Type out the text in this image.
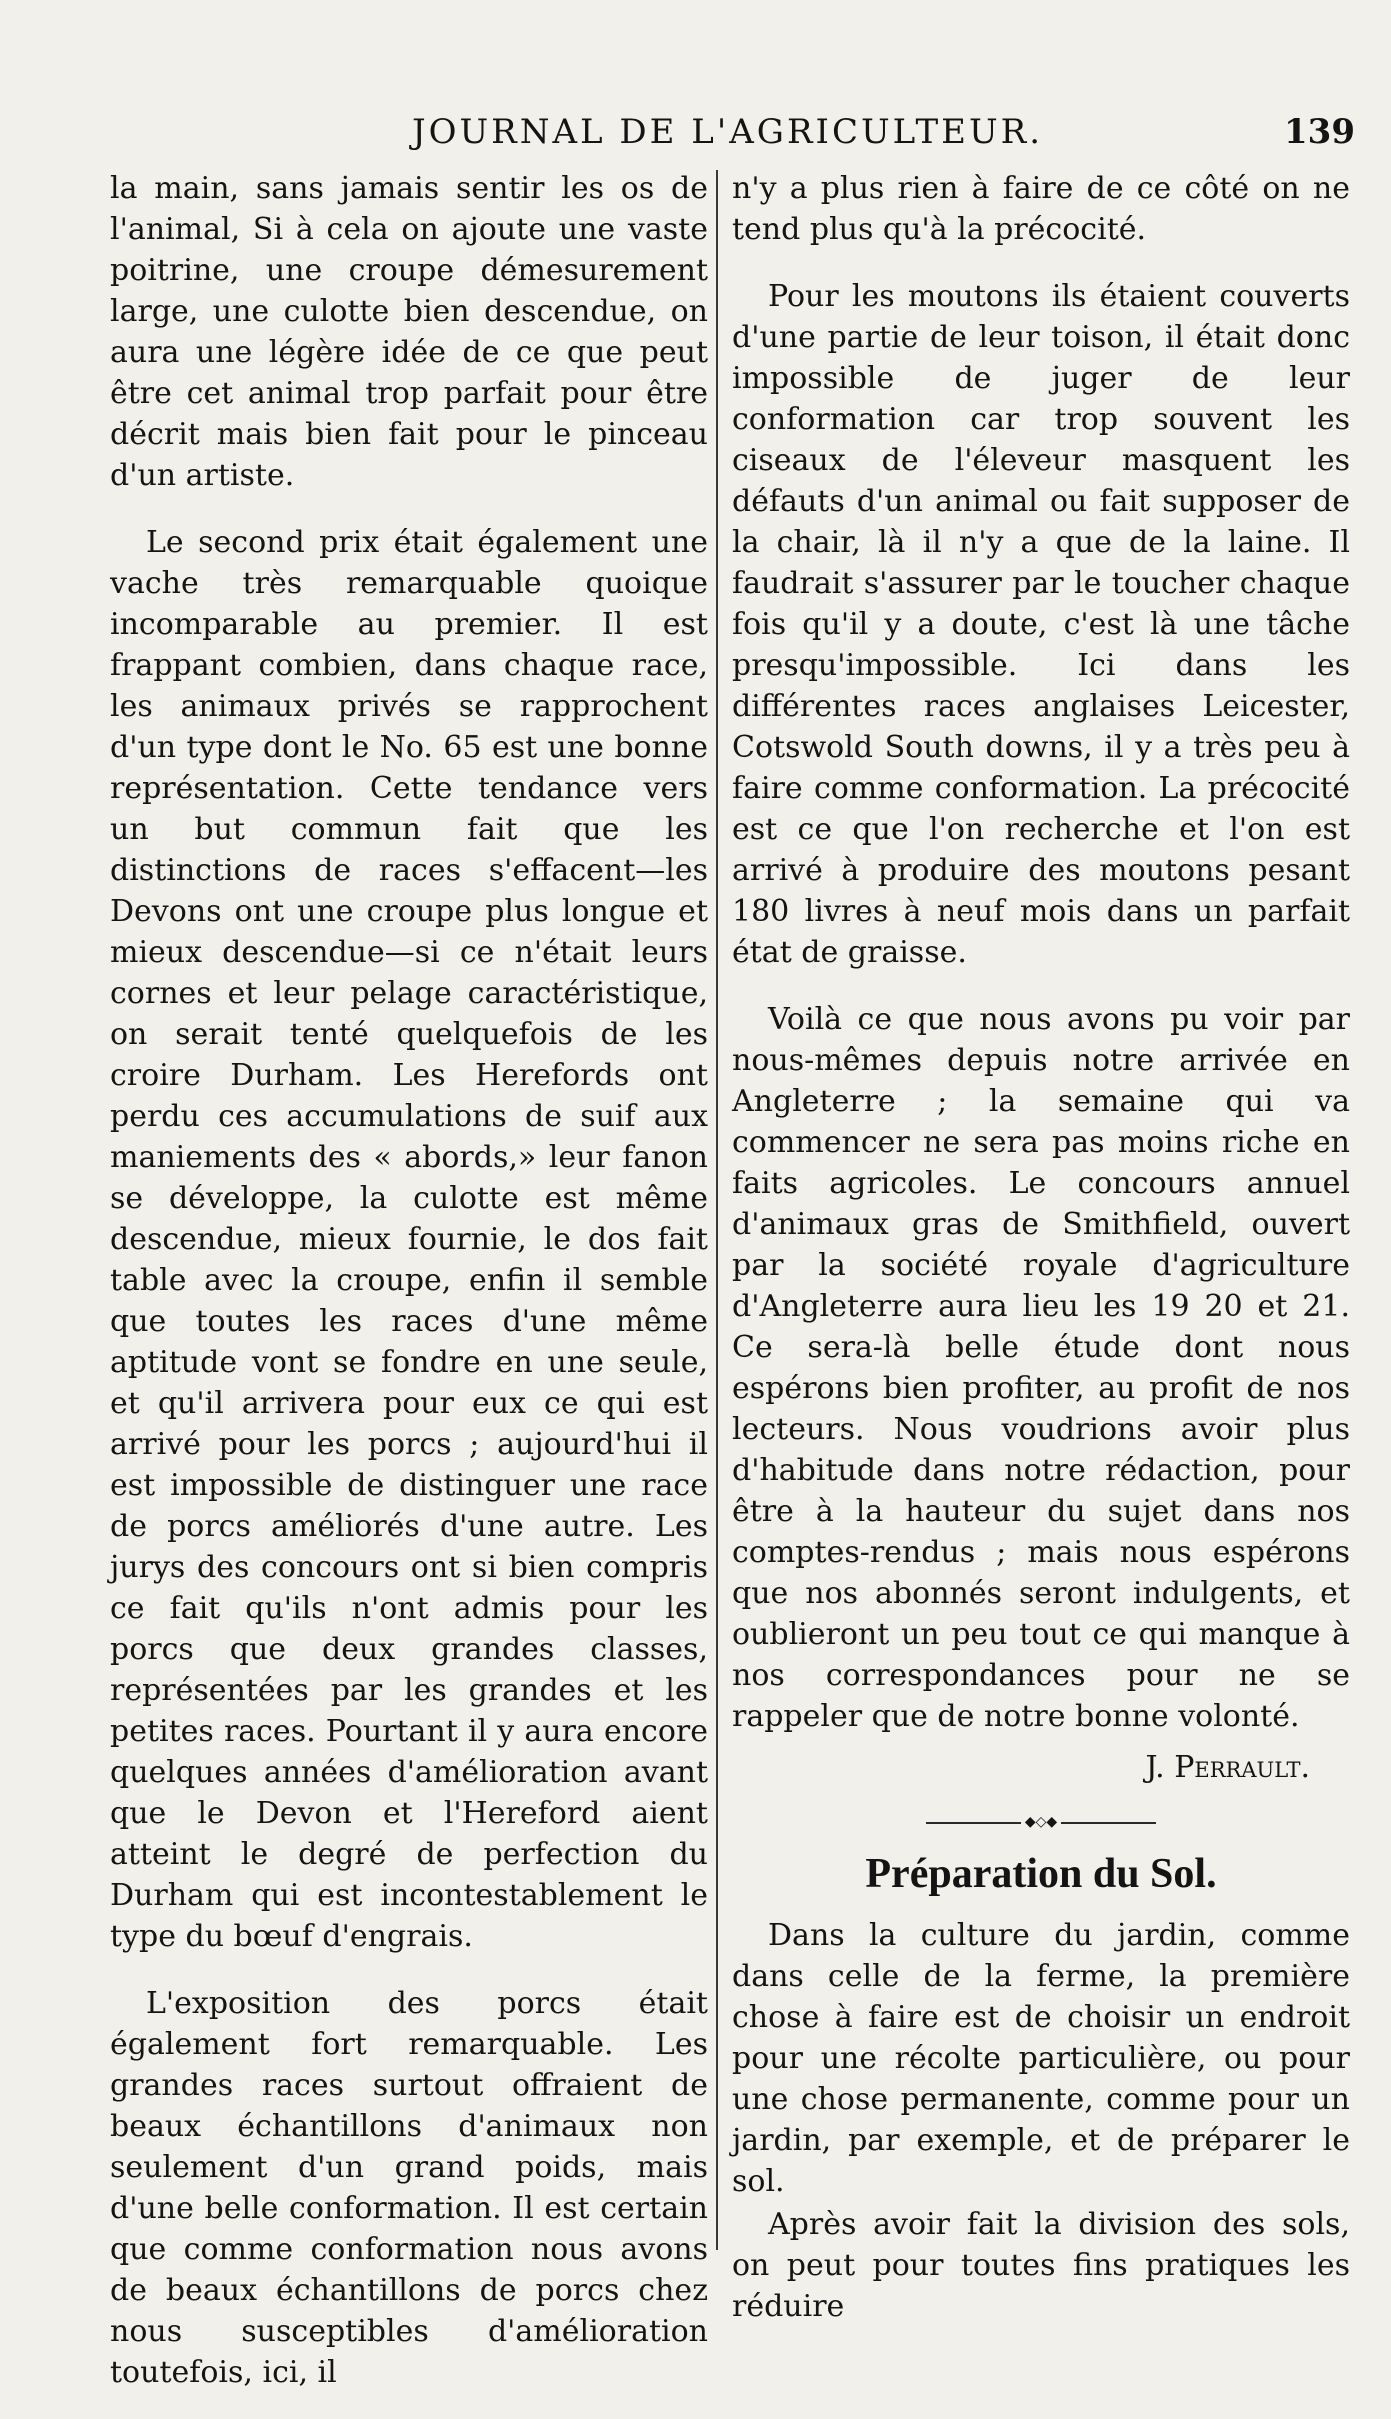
JOURNAL DE L'AGRICULTEUR.	139

la main, sans jamais sentir les os de l'animal, Si à cela on ajoute une vaste poitrine, une croupe démesurement large, une culotte bien descendue, on aura une légère idée de ce que peut être cet animal trop parfait pour être décrit mais bien fait pour le pinceau d'un artiste.

Le second prix était également une vache très remarquable quoique incomparable au premier. Il est frappant combien, dans chaque race, les animaux privés se rapprochent d'un type dont le No. 65 est une bonne représentation. Cette tendance vers un but commun fait que les distinctions de races s'effacent—les Devons ont une croupe plus longue et mieux descendue—si ce n'était leurs cornes et leur pelage caractéristique, on serait tenté quelquefois de les croire Durham. Les Herefords ont perdu ces accumulations de suif aux maniements des « abords,» leur fanon se développe, la culotte est même descendue, mieux fournie, le dos fait table avec la croupe, enfin il semble que toutes les races d'une même aptitude vont se fondre en une seule, et qu'il arrivera pour eux ce qui est arrivé pour les porcs ; aujourd'hui il est impossible de distinguer une race de porcs améliorés d'une autre. Les jurys des concours ont si bien compris ce fait qu'ils n'ont admis pour les porcs que deux grandes classes, représentées par les grandes et les petites races. Pourtant il y aura encore quelques années d'amélioration avant que le Devon et l'Hereford aient atteint le degré de perfection du Durham qui est incontestablement le type du bœuf d'engrais.

L'exposition des porcs était également fort remarquable. Les grandes races surtout offraient de beaux échantillons d'animaux non seulement d'un grand poids, mais d'une belle conformation. Il est certain que comme conformation nous avons de beaux échantillons de porcs chez nous susceptibles d'amélioration toutefois, ici, il

n'y a plus rien à faire de ce côté on ne tend plus qu'à la précocité.

Pour les moutons ils étaient couverts d'une partie de leur toison, il était donc impossible de juger de leur conformation car trop souvent les ciseaux de l'éleveur masquent les défauts d'un animal ou fait supposer de la chair, là il n'y a que de la laine. Il faudrait s'assurer par le toucher chaque fois qu'il y a doute, c'est là une tâche presqu'impossible. Ici dans les différentes races anglaises Leicester, Cotswold South downs, il y a très peu à faire comme conformation. La précocité est ce que l'on recherche et l'on est arrivé à produire des moutons pesant 180 livres à neuf mois dans un parfait état de graisse.

Voilà ce que nous avons pu voir par nous-mêmes depuis notre arrivée en Angleterre ; la semaine qui va commencer ne sera pas moins riche en faits agricoles. Le concours annuel d'animaux gras de Smithfield, ouvert par la société royale d'agriculture d'Angleterre aura lieu les 19 20 et 21. Ce sera-là belle étude dont nous espérons bien profiter, au profit de nos lecteurs. Nous voudrions avoir plus d'habitude dans notre rédaction, pour être à la hauteur du sujet dans nos comptes-rendus ; mais nous espérons que nos abonnés seront indulgents, et oublieront un peu tout ce qui manque à nos correspondances pour ne se rappeler que de notre bonne volonté.

J. Perrault.
◆◇◆
Préparation du Sol.

Dans la culture du jardin, comme dans celle de la ferme, la première chose à faire est de choisir un endroit pour une récolte particulière, ou pour une chose permanente, comme pour un jardin, par exemple, et de préparer le sol.

Après avoir fait la division des sols, on peut pour toutes fins pratiques les réduire
